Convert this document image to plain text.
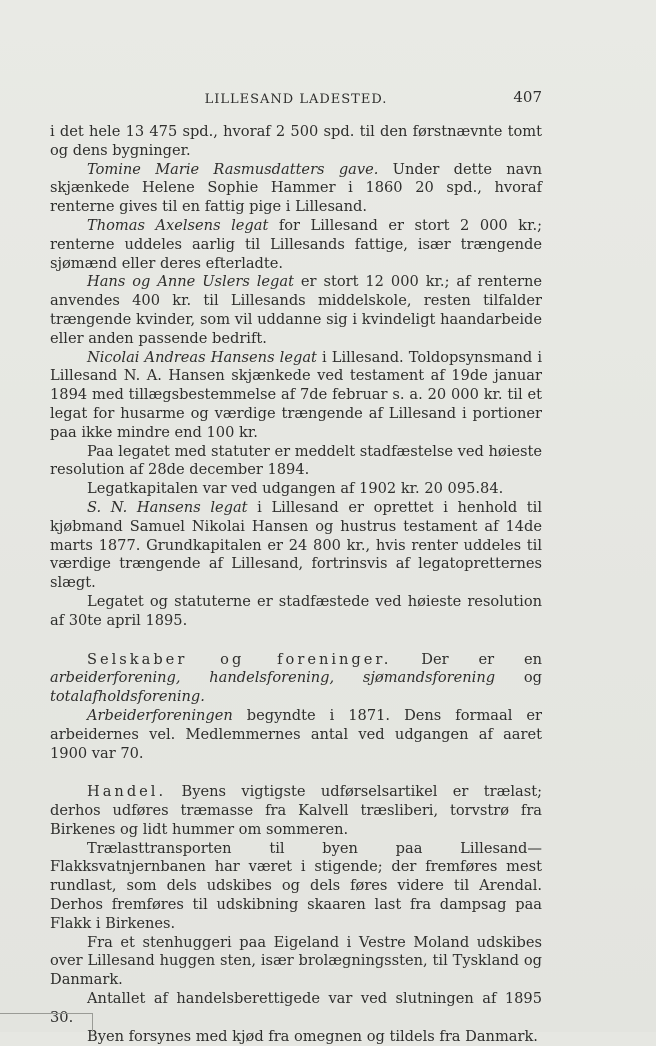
LILLESAND LADESTED.	407

i det hele 13 475 spd., hvoraf 2 500 spd. til den førstnævnte tomt og dens bygninger.

Tomine Marie Rasmusdatters gave. Under dette navn skjænkede Helene Sophie Hammer i 1860 20 spd., hvoraf renterne gives til en fattig pige i Lillesand.

Thomas Axelsens legat for Lillesand er stort 2 000 kr.; renterne uddeles aarlig til Lillesands fattige, især trængende sjømænd eller deres efterladte.

Hans og Anne Uslers legat er stort 12 000 kr.; af renterne anvendes 400 kr. til Lillesands middelskole, resten tilfalder trængende kvinder, som vil uddanne sig i kvindeligt haandarbeide eller anden passende bedrift.

Nicolai Andreas Hansens legat i Lillesand. Toldopsynsmand i Lillesand N. A. Hansen skjænkede ved testament af 19de januar 1894 med tillægsbestemmelse af 7de februar s. a. 20 000 kr. til et legat for husarme og værdige trængende af Lillesand i portioner paa ikke mindre end 100 kr.

Paa legatet med statuter er meddelt stadfæstelse ved høieste resolution af 28de december 1894.

Legatkapitalen var ved udgangen af 1902 kr. 20 095.84.

S. N. Hansens legat i Lillesand er oprettet i henhold til kjøbmand Samuel Nikolai Hansen og hustrus testament af 14de marts 1877. Grundkapitalen er 24 800 kr., hvis renter uddeles til værdige trængende af Lillesand, fortrinsvis af legatopretternes slægt.

Legatet og statuterne er stadfæstede ved høieste resolution af 30te april 1895.

Selskaber og foreninger. Der er en arbeiderforening, handelsforening, sjømandsforening og totalafholdsforening.

Arbeiderforeningen begyndte i 1871. Dens formaal er arbeidernes vel. Medlemmernes antal ved udgangen af aaret 1900 var 70.

Handel. Byens vigtigste udførselsartikel er trælast; derhos udføres træmasse fra Kalvell træsliberi, torvstrø fra Birkenes og lidt hummer om sommeren.

Trælasttransporten til byen paa Lillesand—Flakksvatnjernbanen har været i stigende; der fremføres mest rundlast, som dels udskibes og dels føres videre til Arendal. Derhos fremføres til udskibning skaaren last fra dampsag paa Flakk i Birkenes.

Fra et stenhuggeri paa Eigeland i Vestre Moland udskibes over Lillesand huggen sten, især brolægningssten, til Tyskland og Danmark.

Antallet af handelsberettigede var ved slutningen af 1895 30.

Byen forsynes med kjød fra omegnen og tildels fra Danmark.
